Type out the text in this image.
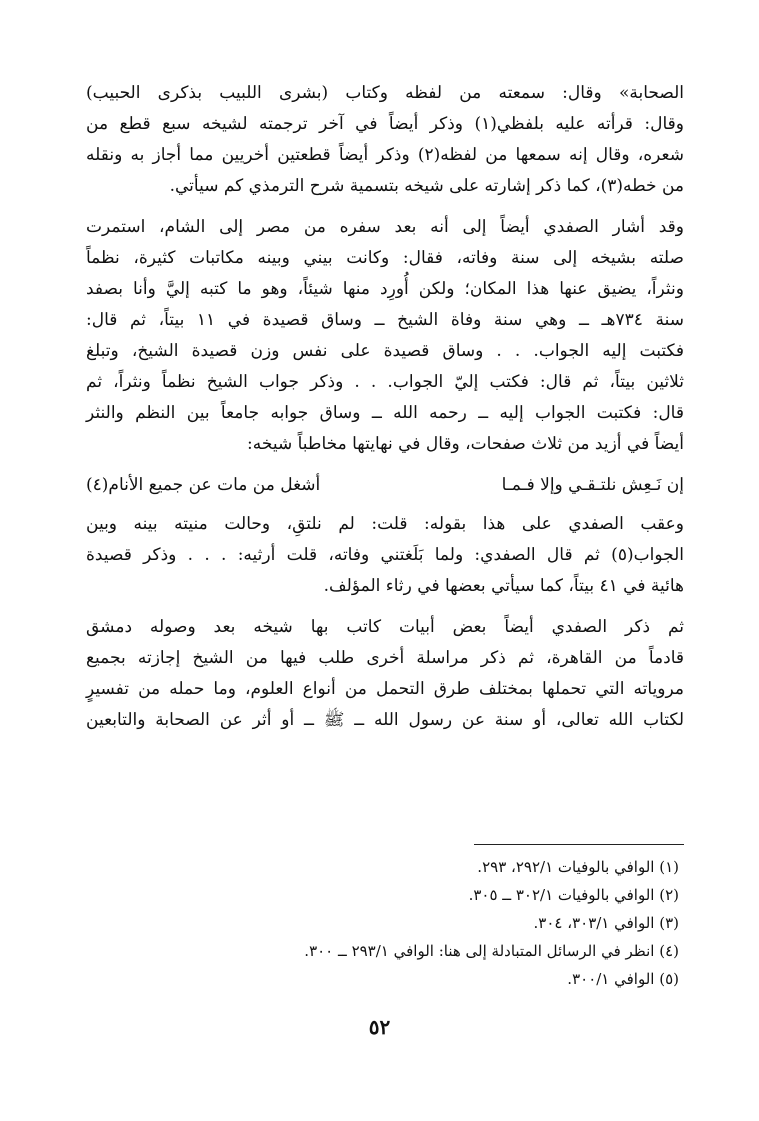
الصحابة» وقال: سمعته من لفظه وكتاب (بشرى اللبيب بذكرى الحبيب)
وقال: قرأته عليه بلفظي(١) وذكر أيضاً في آخر ترجمته لشيخه سبع قطع من
شعره، وقال إنه سمعها من لفظه(٢) وذكر أيضاً قطعتين أخريين مما أجاز به ونقله
من خطه(٣)، كما ذكر إشارته على شيخه بتسمية شرح الترمذي كم سيأتي.

وقد أشار الصفدي أيضاً إلى أنه بعد سفره من مصر إلى الشام، استمرت
صلته بشيخه إلى سنة وفاته، فقال: وكانت بيني وبينه مكاتبات كثيرة، نظماً
ونثراً، يضيق عنها هذا المكان؛ ولكن أُورِد منها شيئاً، وهو ما كتبه إليَّ وأنا بصفد
سنة ٧٣٤هـ ــ وهي سنة وفاة الشيخ ــ وساق قصيدة في ١١ بيتاً، ثم قال:
فكتبت إليه الجواب. . . وساق قصيدة على نفس وزن قصيدة الشيخ، وتبلغ
ثلاثين بيتاً، ثم قال: فكتب إليّ الجواب. . . وذكر جواب الشيخ نظماً ونثراً، ثم
قال: فكتبت الجواب إليه ــ رحمه الله ــ وساق جوابه جامعاً بين النظم والنثر
أيضاً في أزيد من ثلاث صفحات، وقال في نهايتها مخاطباً شيخه:

إن نَـعِش نلتـقـي وإلا فـمـا
أشغل من مات عن جميع الأنام(٤)

وعقب الصفدي على هذا بقوله: قلت: لم نلتقِ، وحالت منيته بينه وبين
الجواب(٥) ثم قال الصفدي: ولما بَلَغتني وفاته، قلت أرثيه: . . . وذكر قصيدة
هائية في ٤١ بيتاً، كما سيأتي بعضها في رثاء المؤلف.

ثم ذكر الصفدي أيضاً بعض أبيات كاتب بها شيخه بعد وصوله دمشق
قادماً من القاهرة، ثم ذكر مراسلة أخرى طلب فيها من الشيخ إجازته بجميع
مروياته التي تحملها بمختلف طرق التحمل من أنواع العلوم، وما حمله من تفسيرٍ
لكتاب الله تعالى، أو سنة عن رسول الله ــ ﷺ ــ أو أثر عن الصحابة والتابعين

(١) الوافي بالوفيات ٢٩٢/١، ٢٩٣.
(٢) الوافي بالوفيات ٣٠٢/١ ــ ٣٠٥.
(٣) الوافي ٣٠٣/١، ٣٠٤.
(٤) انظر في الرسائل المتبادلة إلى هنا: الوافي ٢٩٣/١ ــ ٣٠٠.
(٥) الوافي ٣٠٠/١.
٥٢
